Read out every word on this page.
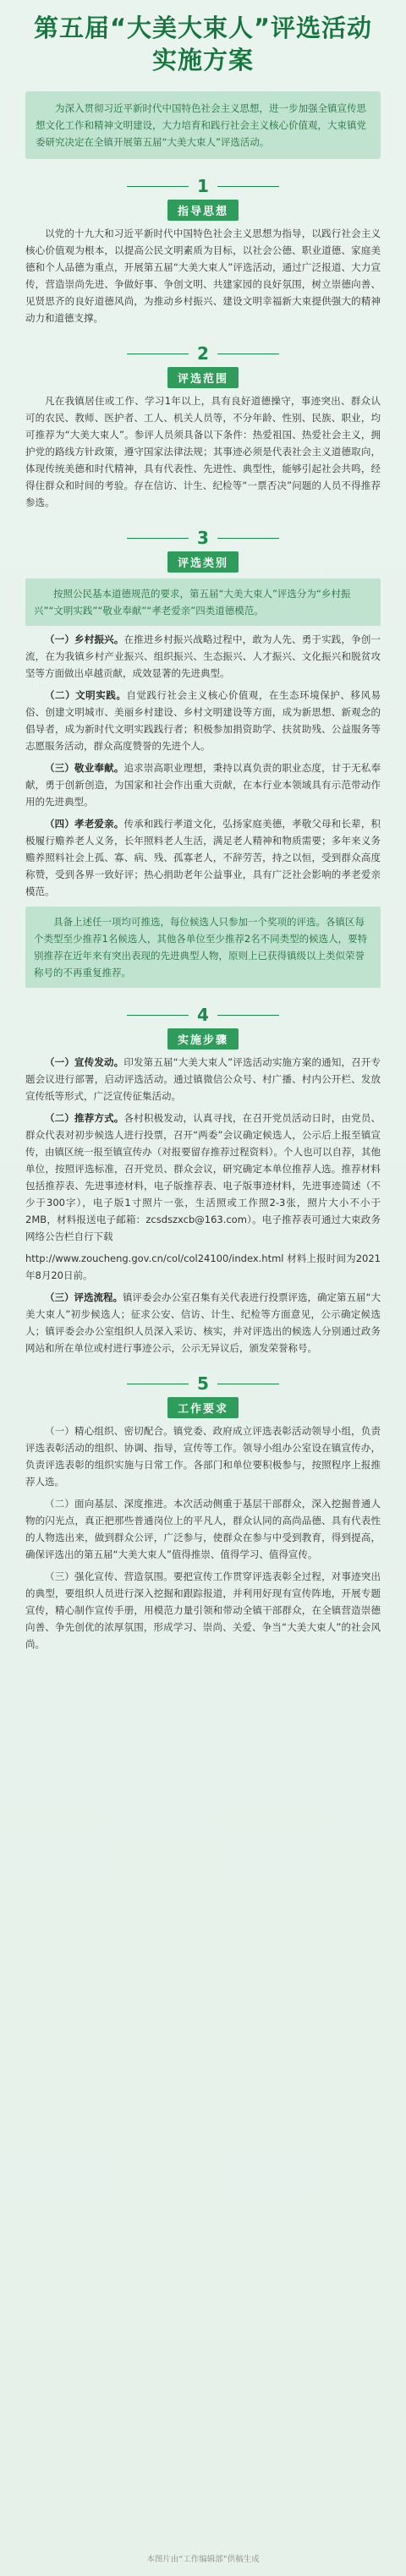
第五届“大美大束人”评选活动
实施方案
为深入贯彻习近平新时代中国特色社会主义思想，进一步加强全镇宣传思想文化工作和精神文明建设，大力培育和践行社会主义核心价值观，大束镇党委研究决定在全镇开展第五届“大美大束人”评选活动。
1
指导思想

以党的十九大和习近平新时代中国特色社会主义思想为指导，以践行社会主义核心价值观为根本，以提高公民文明素质为目标，以社会公德、职业道德、家庭美德和个人品德为重点，开展第五届“大美大束人”评选活动，通过广泛报道、大力宣传，营造崇尚先进、争做好事、争创文明、共建家园的良好氛围，树立崇德向善、见贤思齐的良好道德风尚，为推动乡村振兴、建设文明幸福新大束提供强大的精神动力和道德支撑。

2
评选范围

凡在我镇居住或工作、学习1年以上，具有良好道德操守，事迹突出、群众认可的农民、教师、医护者、工人、机关人员等，不分年龄、性别、民族、职业，均可推荐为“大美大束人”。参评人员须具备以下条件：热爱祖国、热爱社会主义，拥护党的路线方针政策，遵守国家法律法规；其事迹必须是代表社会主义道德取向，体现传统美德和时代精神，具有代表性、先进性、典型性，能够引起社会共鸣，经得住群众和时间的考验。存在信访、计生、纪检等“一票否决”问题的人员不得推荐参选。

3
评选类别
按照公民基本道德规范的要求，第五届“大美大束人”评选分为“乡村振兴”“文明实践”“敬业奉献”“孝老爱亲”四类道德模范。

（一）乡村振兴。在推进乡村振兴战略过程中，敢为人先、勇于实践，争创一流，在为我镇乡村产业振兴、组织振兴、生态振兴、人才振兴、文化振兴和脱贫攻坚等方面做出卓越贡献，成效显著的先进典型。

（二）文明实践。自觉践行社会主义核心价值观，在生态环境保护、移风易俗、创建文明城市、美丽乡村建设、乡村文明建设等方面，成为新思想、新观念的倡导者，成为新时代文明实践践行者；积极参加捐资助学、扶贫助残、公益服务等志愿服务活动，群众高度赞誉的先进个人。

（三）敬业奉献。追求崇高职业理想，秉持以真负责的职业态度，甘于无私奉献，勇于创新创造，为国家和社会作出重大贡献，在本行业本领域具有示范带动作用的先进典型。

（四）孝老爱亲。传承和践行孝道文化，弘扬家庭美德，孝敬父母和长辈，积极履行赡养老人义务，长年照料老人生活，满足老人精神和物质需要；多年来义务赡养照料社会上孤、寡、病、残、孤寡老人，不辞劳苦，持之以恒，受到群众高度称赞，受到各界一致好评；热心捐助老年公益事业，具有广泛社会影响的孝老爱亲模范。

具备上述任一项均可推选，每位候选人只参加一个奖项的评选。各镇区每个类型至少推荐1名候选人，其他各单位至少推荐2名不同类型的候选人，要特别推荐在近年来有突出表现的先进典型人物，原则上已获得镇级以上类似荣誉称号的不再重复推荐。
4
实施步骤

（一）宣传发动。印发第五届“大美大束人”评选活动实施方案的通知，召开专题会议进行部署，启动评选活动。通过镇微信公众号、村广播、村内公开栏、发放宣传纸等形式，广泛宣传征集活动。

（二）推荐方式。各村积极发动，认真寻找，在召开党员活动日时，由党员、群众代表对初步候选人进行投票，召开“两委”会议确定候选人，公示后上报至镇宣传，由镇区统一报至镇宣传办（对报要留存推荐过程资料）。个人也可以自荐，其他单位，按照评选标准，召开党员、群众会议，研究确定本单位推荐人选。推荐材料包括推荐表、先进事迹材料，电子版推荐表、电子版事迹材料，先进事迹简述（不少于300字），电子版1寸照片一张，生活照或工作照2-3张，照片大小不小于2MB，材料报送电子邮箱：zcsdszxcb@163.com）。电子推荐表可通过大束政务网络公告栏自行下载

http://www.zoucheng.gov.cn/col/col24100/index.html 材料上报时间为2021年8月20日前。

（三）评选流程。镇评委会办公室召集有关代表进行投票评选，确定第五届“大美大束人”初步候选人；征求公安、信访、计生、纪检等方面意见，公示确定候选人；镇评委会办公室组织人员深入采访、核实，并对评选出的候选人分别通过政务网站和所在单位或村进行事迹公示，公示无异议后，颁发荣誉称号。

5
工作要求

（一）精心组织、密切配合。镇党委、政府成立评选表彰活动领导小组，负责评选表彰活动的组织、协调、指导，宣传等工作。领导小组办公室设在镇宣传办，负责评选表彰的组织实施与日常工作。各部门和单位要积极参与，按照程序上报推荐人选。

（二）面向基层、深度推进。本次活动侧重于基层干部群众，深入挖掘普通人物的闪光点，真正把那些普通岗位上的平凡人，群众认同的高尚品德、具有代表性的人物选出来，做到群众公评，广泛参与，使群众在参与中受到教育，得到提高，确保评选出的第五届“大美大束人”值得推崇、值得学习、值得宣传。

（三）强化宣传、营造氛围。要把宣传工作贯穿评选表彰全过程，对事迹突出的典型，要组织人员进行深入挖掘和跟踪报道，并利用好现有宣传阵地，开展专题宣传，精心制作宣传手册，用模范力量引领和带动全镇干部群众，在全镇营造崇德向善、争先创优的浓厚氛围，形成学习、崇尚、关爱、争当“大美大束人”的社会风尚。

本图片由“工作编辑部”供稿生成
